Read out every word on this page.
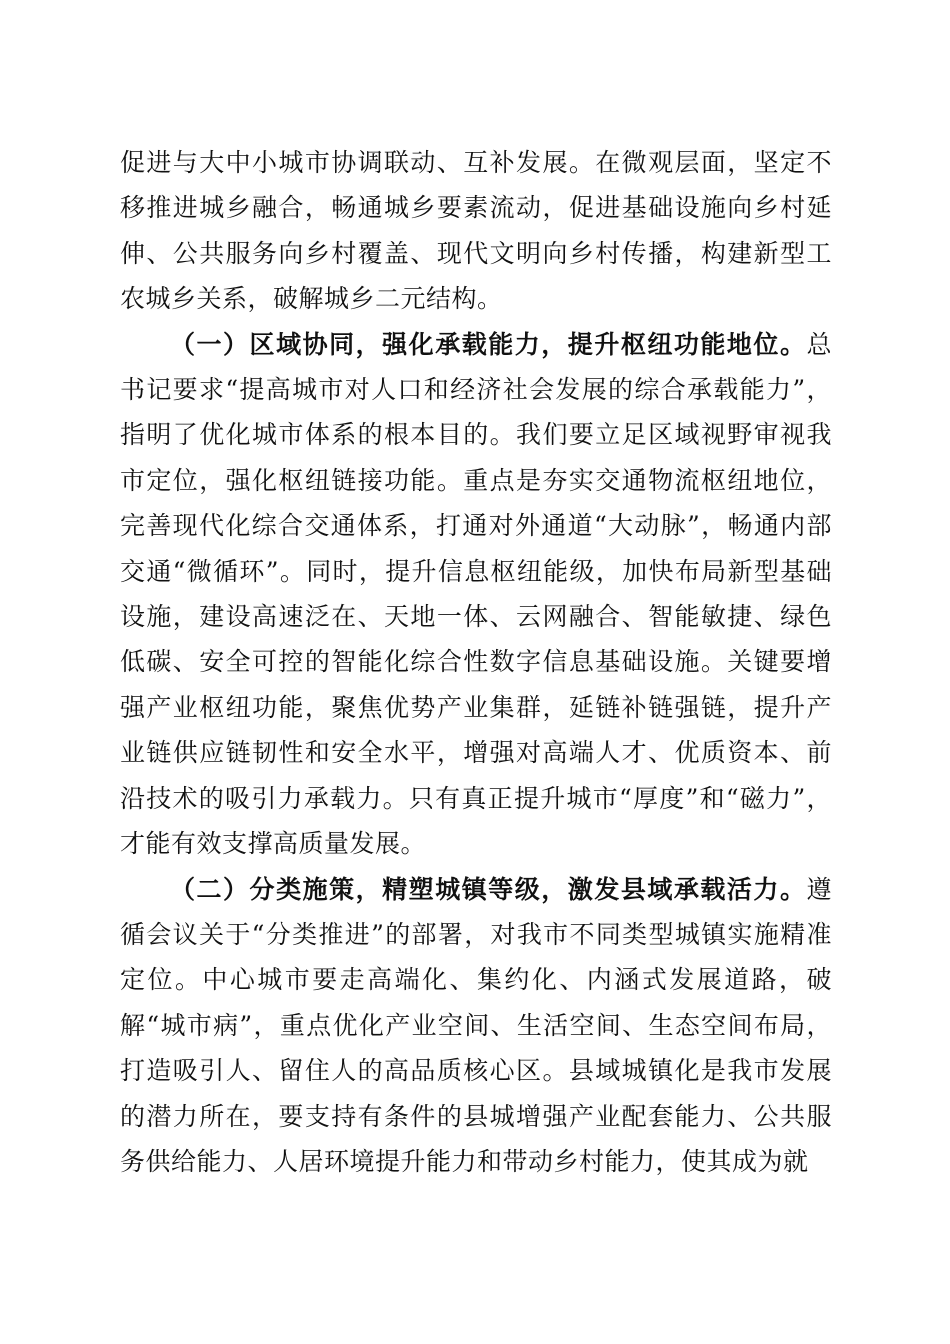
促进与大中小城市协调联动、互补发展。在微观层面，坚定不移推进城乡融合，畅通城乡要素流动，促进基础设施向乡村延伸、公共服务向乡村覆盖、现代文明向乡村传播，构建新型工农城乡关系，破解城乡二元结构。

（一）区域协同，强化承载能力，提升枢纽功能地位。总书记要求“提高城市对人口和经济社会发展的综合承载能力”，指明了优化城市体系的根本目的。我们要立足区域视野审视我市定位，强化枢纽链接功能。重点是夯实交通物流枢纽地位，完善现代化综合交通体系，打通对外通道“大动脉”，畅通内部交通“微循环”。同时，提升信息枢纽能级，加快布局新型基础设施，建设高速泛在、天地一体、云网融合、智能敏捷、绿色低碳、安全可控的智能化综合性数字信息基础设施。关键要增强产业枢纽功能，聚焦优势产业集群，延链补链强链，提升产业链供应链韧性和安全水平，增强对高端人才、优质资本、前沿技术的吸引力承载力。只有真正提升城市“厚度”和“磁力”，才能有效支撑高质量发展。

（二）分类施策，精塑城镇等级，激发县域承载活力。遵循会议关于“分类推进”的部署，对我市不同类型城镇实施精准定位。中心城市要走高端化、集约化、内涵式发展道路，破解“城市病”，重点优化产业空间、生活空间、生态空间布局，打造吸引人、留住人的高品质核心区。县域城镇化是我市发展的潜力所在，要支持有条件的县城增强产业配套能力、公共服务供给能力、人居环境提升能力和带动乡村能力，使其成为就
